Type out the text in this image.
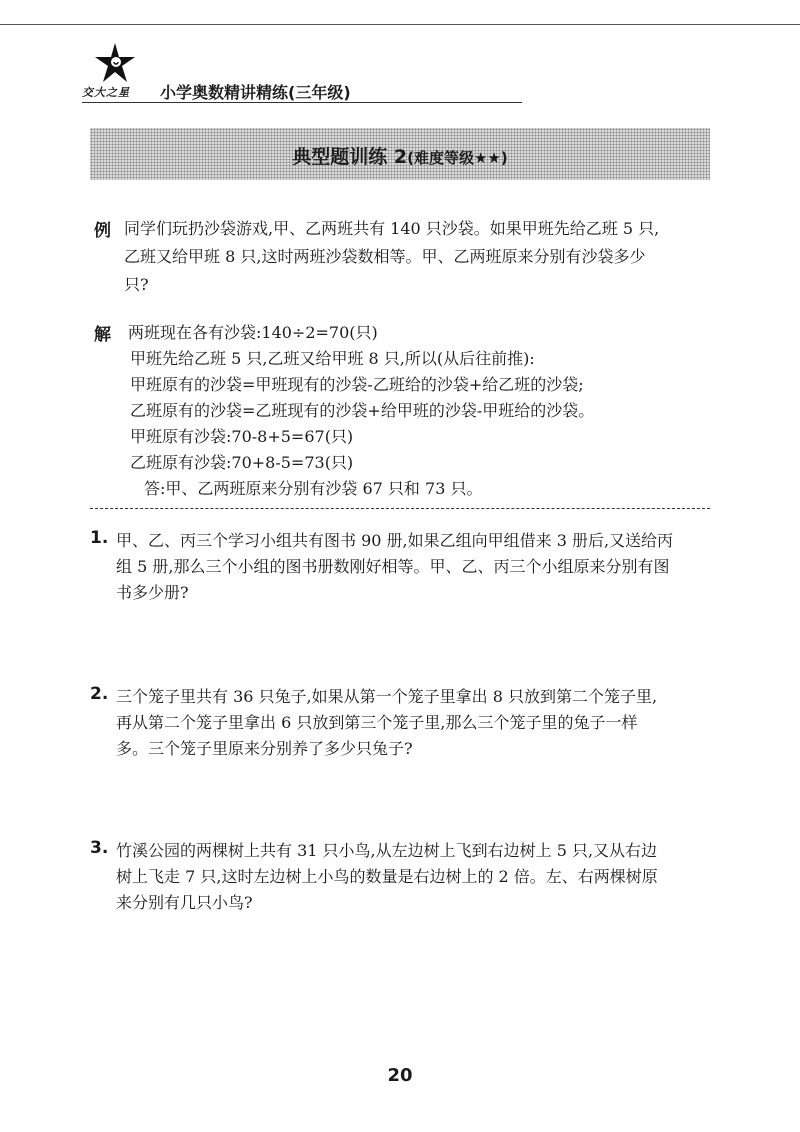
交大之星 小学奥数精讲精练(三年级)
典型题训练 2(难度等级★★)
例 同学们玩扔沙袋游戏,甲、乙两班共有 140 只沙袋。如果甲班先给乙班 5 只,
乙班又给甲班 8 只,这时两班沙袋数相等。甲、乙两班原来分别有沙袋多少
只?
解 两班现在各有沙袋:140÷2=70(只)
甲班先给乙班 5 只,乙班又给甲班 8 只,所以(从后往前推):
甲班原有的沙袋=甲班现有的沙袋-乙班给的沙袋+给乙班的沙袋;
乙班原有的沙袋=乙班现有的沙袋+给甲班的沙袋-甲班给的沙袋。
甲班原有沙袋:70-8+5=67(只)
乙班原有沙袋:70+8-5=73(只)
答:甲、乙两班原来分别有沙袋 67 只和 73 只。
1. 甲、乙、丙三个学习小组共有图书 90 册,如果乙组向甲组借来 3 册后,又送给丙
组 5 册,那么三个小组的图书册数刚好相等。甲、乙、丙三个小组原来分别有图
书多少册?
2. 三个笼子里共有 36 只兔子,如果从第一个笼子里拿出 8 只放到第二个笼子里,
再从第二个笼子里拿出 6 只放到第三个笼子里,那么三个笼子里的兔子一样
多。三个笼子里原来分别养了多少只兔子?
3. 竹溪公园的两棵树上共有 31 只小鸟,从左边树上飞到右边树上 5 只,又从右边
树上飞走 7 只,这时左边树上小鸟的数量是右边树上的 2 倍。左、右两棵树原
来分别有几只小鸟?
20
